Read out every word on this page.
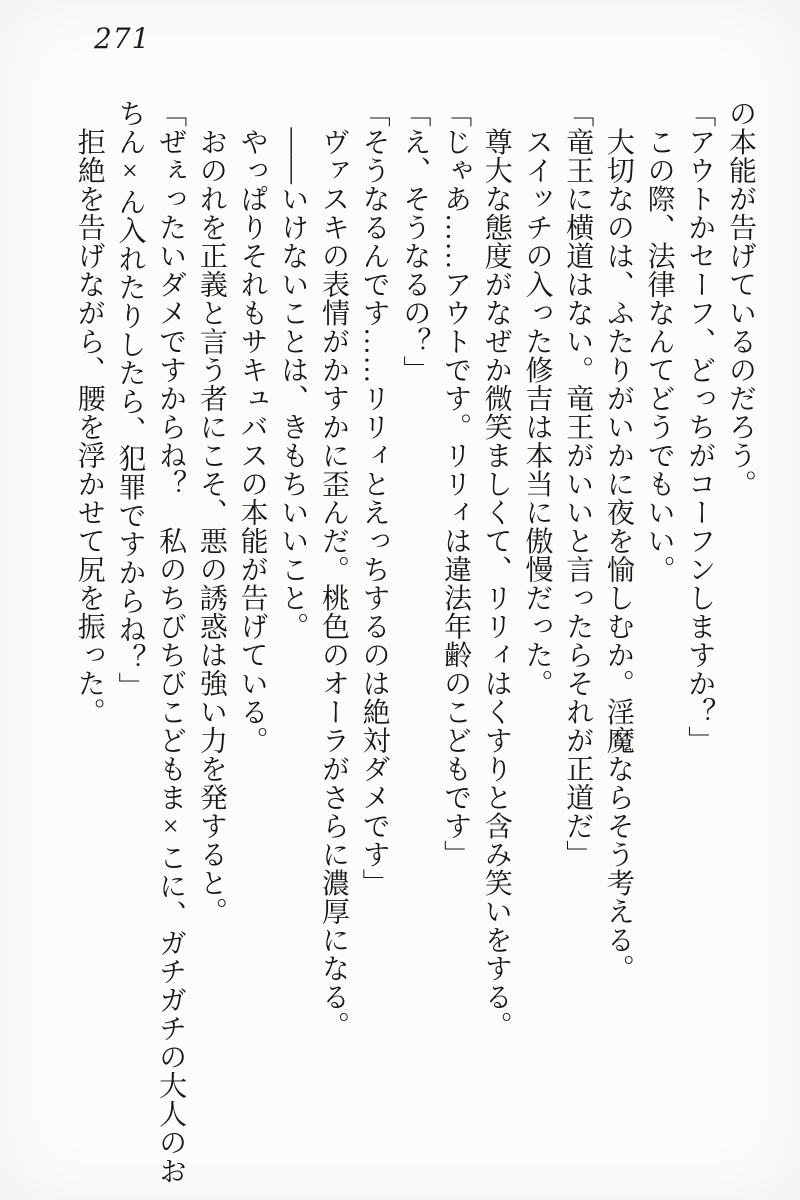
271
の本能が告げているのだろう。
「アウトかセーフ、どっちがコーフンしますか？」
　この際、法律なんてどうでもいい。
　大切なのは、ふたりがいかに夜を愉しむか。淫魔ならそう考える。
「竜王に横道はない。竜王がいいと言ったらそれが正道だ」
　スイッチの入った修吉は本当に傲慢だった。
　尊大な態度がなぜか微笑ましくて、リリィはくすりと含み笑いをする。
「じゃあ……アウトです。リリィは違法年齢のこどもです」
「え、そうなるの？」
「そうなるんです……リリィとえっちするのは絶対ダメです」
　ヴァスキの表情がかすかに歪んだ。桃色のオーラがさらに濃厚になる。
　——いけないことは、きもちいいこと。
　やっぱりそれもサキュバスの本能が告げている。
　おのれを正義と言う者にこそ、悪の誘惑は強い力を発すると。
「ぜぇったいダメですからね？　私のちびちびこどもま×こに、ガチガチの大人のお
ちん×ん入れたりしたら、犯罪ですからね？」
　拒絶を告げながら、腰を浮かせて尻を振った。
